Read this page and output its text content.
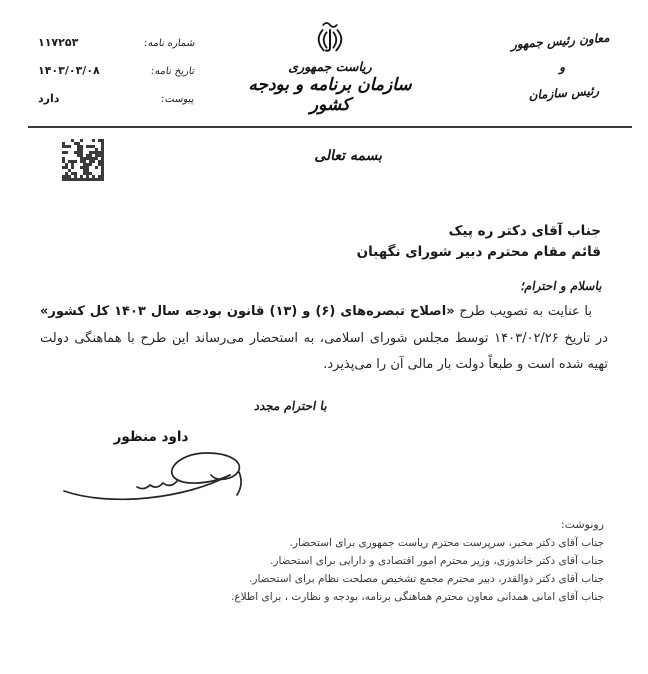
شماره نامه:
۱۱۷۲۵۳
تاریخ نامه:
۱۴۰۳/۰۳/۰۸
پیوست:
دارد
ریاست جمهوری
سازمان برنامه و بودجه کشور
معاون رئیس جمهور
و
رئیس سازمان
بسمه تعالی
جناب آقای دکتر ره پیک
قائم مقام محترم دبیر شورای نگهبان
باسلام و احترام؛

با عنایت به تصویب طرح «اصلاح تبصره‌های (۶) و (۱۳) قانون بودجه سال ۱۴۰۳ کل کشور» در تاریخ ۱۴۰۳/۰۲/۲۶ توسط مجلس شورای اسلامی، به استحضار می‌رساند این طرح با هماهنگی دولت تهیه شده است و طبعاً دولت بار مالی آن را می‌پذیرد.

با احترام مجدد
داود منظور
رونوشت:
جناب آقای دکتر مخبر، سرپرست محترم ریاست جمهوری برای استحضار.
جناب آقای دکتر خاندوزی، وزیر محترم امور اقتصادی و دارایی برای استحضار.
جناب آقای دکتر ذوالقدر، دبیر محترم مجمع تشخیص مصلحت نظام برای استحضار.
جناب آقای امانی همدانی معاون محترم هماهنگی برنامه، بودجه و نظارت ، برای اطلاع.
